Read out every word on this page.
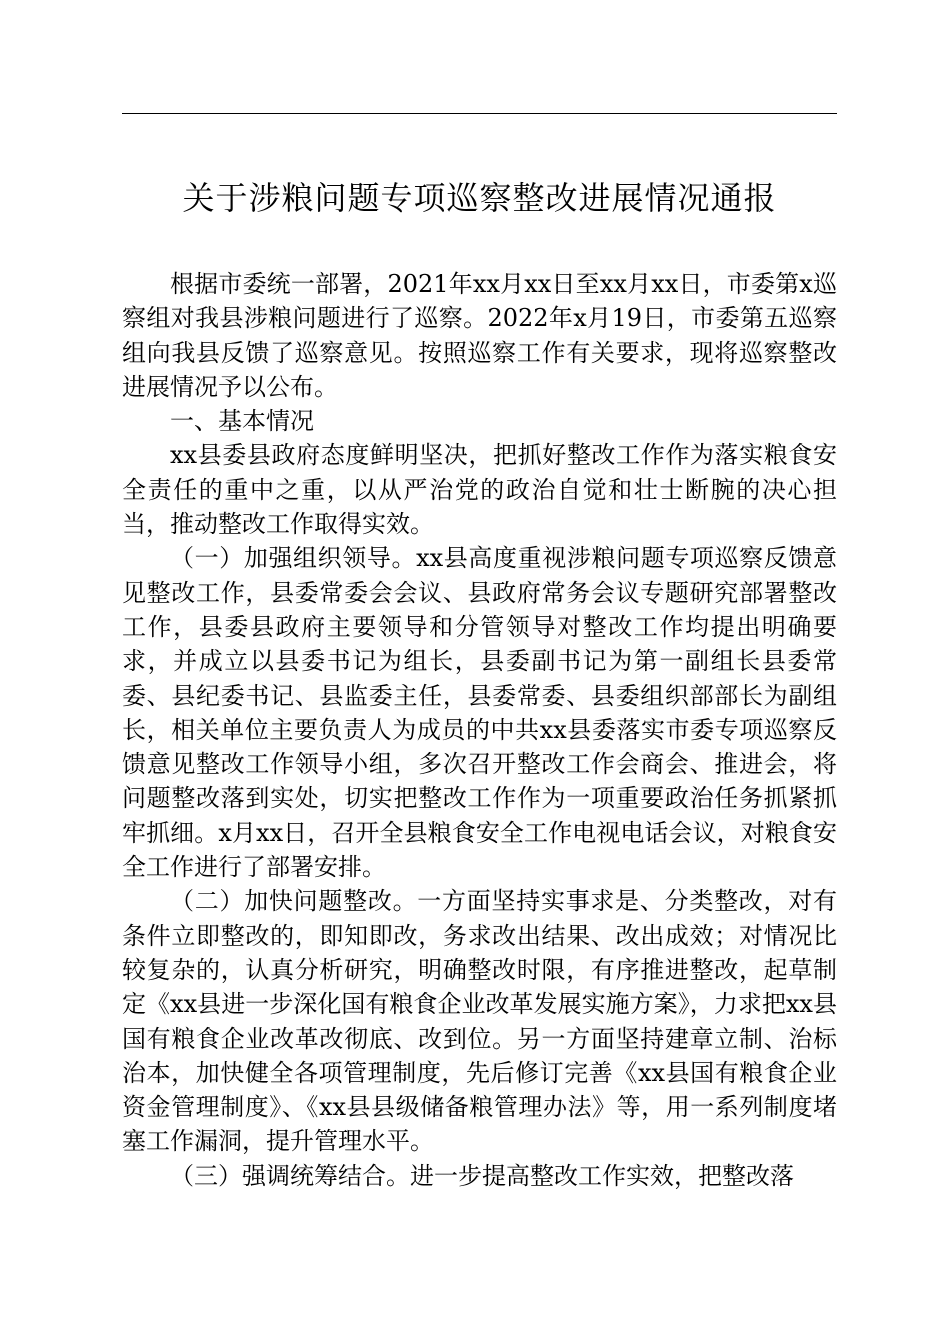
关于涉粮问题专项巡察整改进展情况通报

根据市委统一部署，2021年xx月xx日至xx月xx日，市委第x巡察组对我县涉粮问题进行了巡察。2022年x月19日，市委第五巡察组向我县反馈了巡察意见。按照巡察工作有关要求，现将巡察整改进展情况予以公布。

一、基本情况

xx县委县政府态度鲜明坚决，把抓好整改工作作为落实粮食安全责任的重中之重，以从严治党的政治自觉和壮士断腕的决心担当，推动整改工作取得实效。

（一）加强组织领导。xx县高度重视涉粮问题专项巡察反馈意见整改工作，县委常委会会议、县政府常务会议专题研究部署整改工作，县委县政府主要领导和分管领导对整改工作均提出明确要求，并成立以县委书记为组长，县委副书记为第一副组长县委常委、县纪委书记、县监委主任，县委常委、县委组织部部长为副组长，相关单位主要负责人为成员的中共xx县委落实市委专项巡察反馈意见整改工作领导小组，多次召开整改工作会商会、推进会，将问题整改落到实处，切实把整改工作作为一项重要政治任务抓紧抓牢抓细。x月xx日，召开全县粮食安全工作电视电话会议，对粮食安全工作进行了部署安排。

（二）加快问题整改。一方面坚持实事求是、分类整改，对有条件立即整改的，即知即改，务求改出结果、改出成效；对情况比较复杂的，认真分析研究，明确整改时限，有序推进整改，起草制定《xx县进一步深化国有粮食企业改革发展实施方案》，力求把xx县国有粮食企业改革改彻底、改到位。另一方面坚持建章立制、治标治本，加快健全各项管理制度，先后修订完善《xx县国有粮食企业资金管理制度》、《xx县县级储备粮管理办法》等，用一系列制度堵塞工作漏洞，提升管理水平。

（三）强调统筹结合。进一步提高整改工作实效，把整改落
